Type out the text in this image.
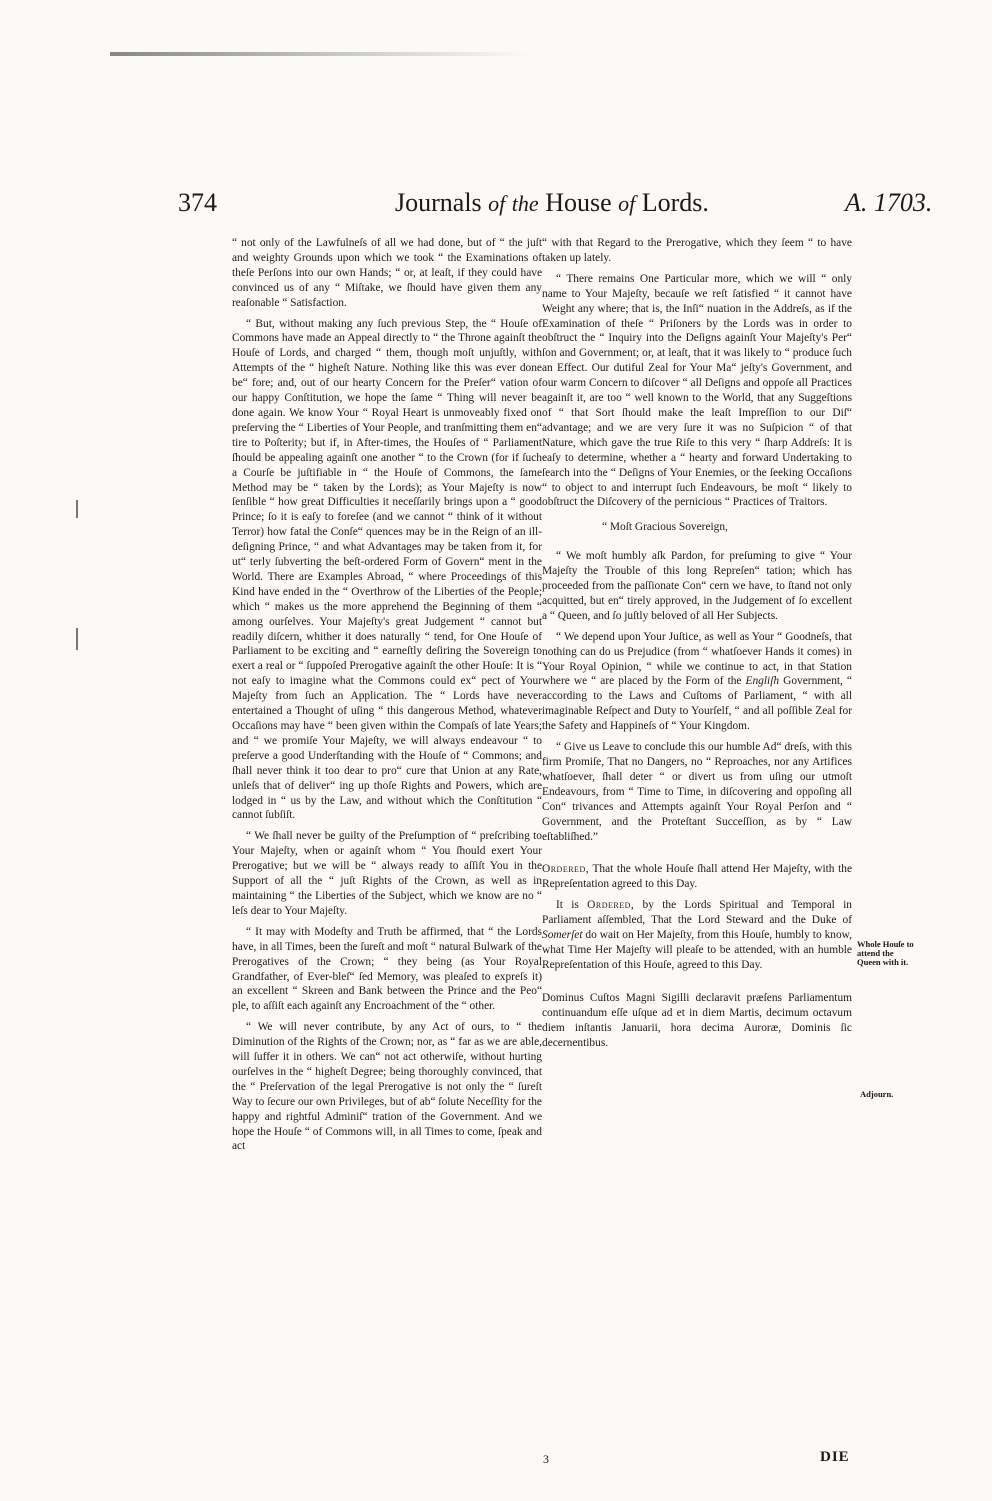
374	Journals of the House of Lords.	A. 1703.

“ not only of the Lawfulneſs of all we had done, but of “ the juſt and weighty Grounds upon which we took “ the Examinations of theſe Perſons into our own Hands; “ or, at leaſt, if they could have convinced us of any “ Miſtake, we ſhould have given them any reaſonable “ Satisfaction.

“ But, without making any ſuch previous Step, the “ Houſe of Commons have made an Appeal directly to “ the Throne againſt the Houſe of Lords, and charged “ them, though moſt unjuſtly, with Attempts of the “ higheſt Nature. Nothing like this was ever done be“ fore; and, out of our hearty Concern for the Preſer“ vation of our happy Conſtitution, we hope the ſame “ Thing will never be done again. We know Your “ Royal Heart is unmoveably fixed on preſerving the “ Liberties of Your People, and tranſmitting them en“ tire to Poſterity; but if, in After-times, the Houſes of “ Parliament ſhould be appealing againſt one another “ to the Crown (for if ſuch a Courſe be juſtifiable in “ the Houſe of Commons, the ſame Method may be “ taken by the Lords); as Your Majeſty is now ſenſible “ how great Difficulties it neceſſarily brings upon a “ good Prince; ſo it is eaſy to foreſee (and we cannot “ think of it without Terror) how fatal the Conſe“ quences may be in the Reign of an ill-deſigning Prince, “ and what Advantages may be taken from it, for ut“ terly ſubverting the beſt-ordered Form of Govern“ ment in the World. There are Examples Abroad, “ where Proceedings of this Kind have ended in the “ Overthrow of the Liberties of the People; which “ makes us the more apprehend the Beginning of them “ among ourſelves. Your Majeſty's great Judgement “ cannot but readily diſcern, whither it does naturally “ tend, for One Houſe of Parliament to be exciting and “ earneſtly deſiring the Sovereign to exert a real or “ ſuppoſed Prerogative againſt the other Houſe: It is “ not eaſy to imagine what the Commons could ex“ pect of Your Majeſty from ſuch an Application. The “ Lords have never entertained a Thought of uſing “ this dangerous Method, whatever Occaſions may have “ been given within the Compaſs of late Years; and “ we promiſe Your Majeſty, we will always endeavour “ to preſerve a good Underſtanding with the Houſe of “ Commons; and ſhall never think it too dear to pro“ cure that Union at any Rate, unleſs that of deliver“ ing up thoſe Rights and Powers, which are lodged in “ us by the Law, and without which the Conſtitution “ cannot ſubſiſt.

“ We ſhall never be guilty of the Preſumption of “ preſcribing to Your Majeſty, when or againſt whom “ You ſhould exert Your Prerogative; but we will be “ always ready to aſſiſt You in the Support of all the “ juſt Rights of the Crown, as well as in maintaining “ the Liberties of the Subject, which we know are no “ leſs dear to Your Majeſty.

“ It may with Modeſty and Truth be affirmed, that “ the Lords have, in all Times, been the ſureſt and moſt “ natural Bulwark of the Prerogatives of the Crown; “ they being (as Your Royal Grandfather, of Ever-bleſ“ ſed Memory, was pleaſed to expreſs it) an excellent “ Skreen and Bank between the Prince and the Peo“ ple, to aſſiſt each againſt any Encroachment of the “ other.

“ We will never contribute, by any Act of ours, to “ the Diminution of the Rights of the Crown; nor, as “ far as we are able, will ſuffer it in others. We can“ not act otherwiſe, without hurting ourſelves in the “ higheſt Degree; being thoroughly convinced, that the “ Preſervation of the legal Prerogative is not only the “ ſureſt Way to ſecure our own Privileges, but of ab“ ſolute Neceſſity for the happy and rightful Adminiſ“ tration of the Government. And we hope the Houſe “ of Commons will, in all Times to come, ſpeak and act

“ with that Regard to the Prerogative, which they ſeem “ to have taken up lately.

“ There remains One Particular more, which we will “ only name to Your Majeſty, becauſe we reſt ſatisfied “ it cannot have Weight any where; that is, the Inſi“ nuation in the Addreſs, as if the Examination of theſe “ Priſoners by the Lords was in order to obſtruct the “ Inquiry into the Deſigns againſt Your Majeſty's Per“ ſon and Government; or, at leaſt, that it was likely to “ produce ſuch an Effect. Our dutiful Zeal for Your Ma“ jeſty's Government, and our warm Concern to diſcover “ all Deſigns and oppoſe all Practices againſt it, are too “ well known to the World, that any Suggeſtions of “ that Sort ſhould make the leaſt Impreſſion to our Diſ“ advantage; and we are very ſure it was no Suſpicion “ of that Nature, which gave the true Riſe to this very “ ſharp Addreſs: It is eaſy to determine, whether a “ hearty and forward Undertaking to ſearch into the “ Deſigns of Your Enemies, or the ſeeking Occaſions “ to object to and interrupt ſuch Endeavours, be moſt “ likely to obſtruct the Diſcovery of the pernicious “ Practices of Traitors.

“ Moſt Gracious Sovereign,

“ We moſt humbly aſk Pardon, for preſuming to give “ Your Majeſty the Trouble of this long Repreſen“ tation; which has proceeded from the paſſionate Con“ cern we have, to ſtand not only acquitted, but en“ tirely approved, in the Judgement of ſo excellent a “ Queen, and ſo juſtly beloved of all Her Subjects.

“ We depend upon Your Juſtice, as well as Your “ Goodneſs, that nothing can do us Prejudice (from “ whatſoever Hands it comes) in Your Royal Opinion, “ while we continue to act, in that Station where we “ are placed by the Form of the Engliſh Government, “ according to the Laws and Cuſtoms of Parliament, “ with all imaginable Reſpect and Duty to Yourſelf, “ and all poſſible Zeal for the Safety and Happineſs of “ Your Kingdom.

“ Give us Leave to conclude this our humble Ad“ dreſs, with this firm Promiſe, That no Dangers, no “ Reproaches, nor any Artifices whatſoever, ſhall deter “ or divert us from uſing our utmoſt Endeavours, from “ Time to Time, in diſcovering and oppoſing all Con“ trivances and Attempts againſt Your Royal Perſon and “ Government, and the Proteſtant Succeſſion, as by “ Law eſtabliſhed.”

Ordered, That the whole Houſe ſhall attend Her Majeſty, with the Repreſentation agreed to this Day.

It is Ordered, by the Lords Spiritual and Temporal in Parliament aſſembled, That the Lord Steward and the Duke of Somerſet do wait on Her Majeſty, from this Houſe, humbly to know, what Time Her Majeſty will pleaſe to be attended, with an humble Repreſentation of this Houſe, agreed to this Day.

Dominus Cuſtos Magni Sigilli declaravit præſens Parliamentum continuandum eſſe uſque ad et in diem Martis, decimum octavum diem inſtantis Januarii, hora decima Auroræ, Dominis ſic decernentibus.

Whole Houſe to attend the Queen with it.
Adjourn.
3	DIE
